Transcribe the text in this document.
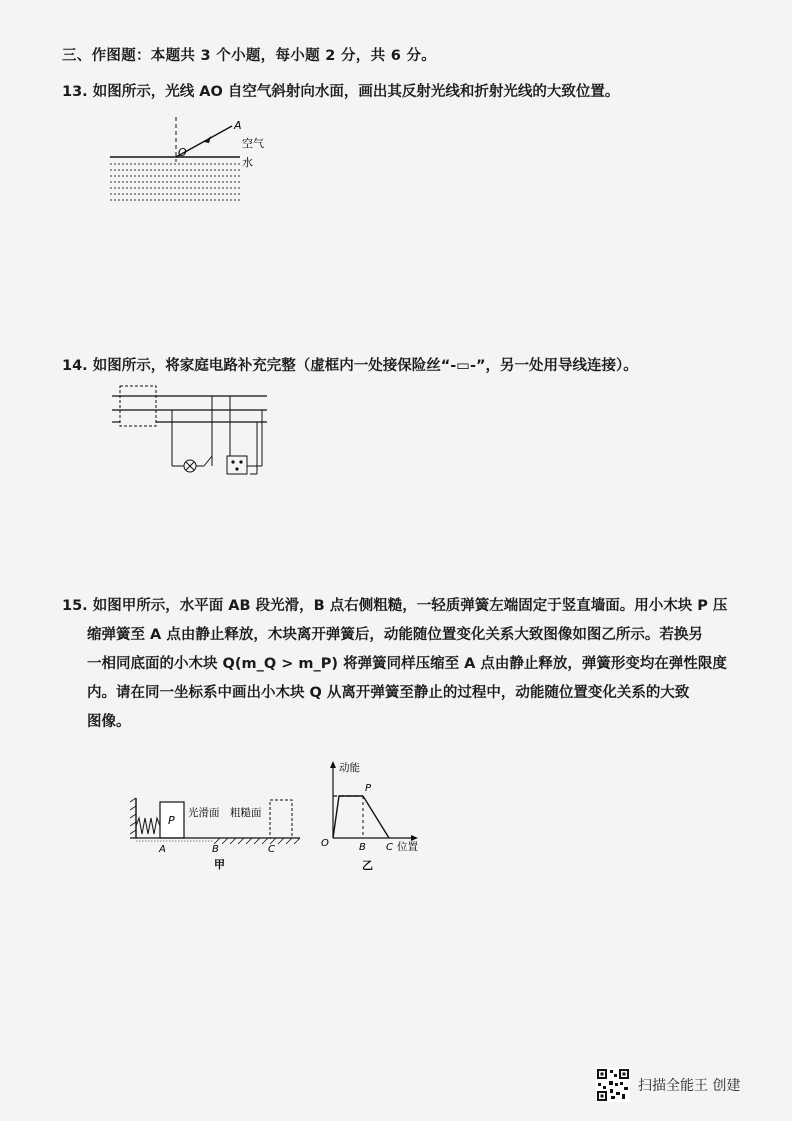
三、作图题：本题共 3 个小题，每小题 2 分，共 6 分。
13. 如图所示，光线 AO 自空气斜射向水面，画出其反射光线和折射光线的大致位置。
A
O
空气
水
14. 如图所示，将家庭电路补充完整（虚框内一处接保险丝“-▭-”，另一处用导线连接）。
15. 如图甲所示，水平面 AB 段光滑，B 点右侧粗糙，一轻质弹簧左端固定于竖直墙面。用小木块 P 压
缩弹簧至 A 点由静止释放，木块离开弹簧后，动能随位置变化关系大致图像如图乙所示。若换另
一相同底面的小木块 Q(m_Q > m_P) 将弹簧同样压缩至 A 点由静止释放，弹簧形变均在弹性限度
内。请在同一坐标系中画出小木块 Q 从离开弹簧至静止的过程中，动能随位置变化关系的大致
图像。
P
光滑面 粗糙面
A	B	C
甲
动能
O
P
B C 位置
乙
扫描全能王 创建
